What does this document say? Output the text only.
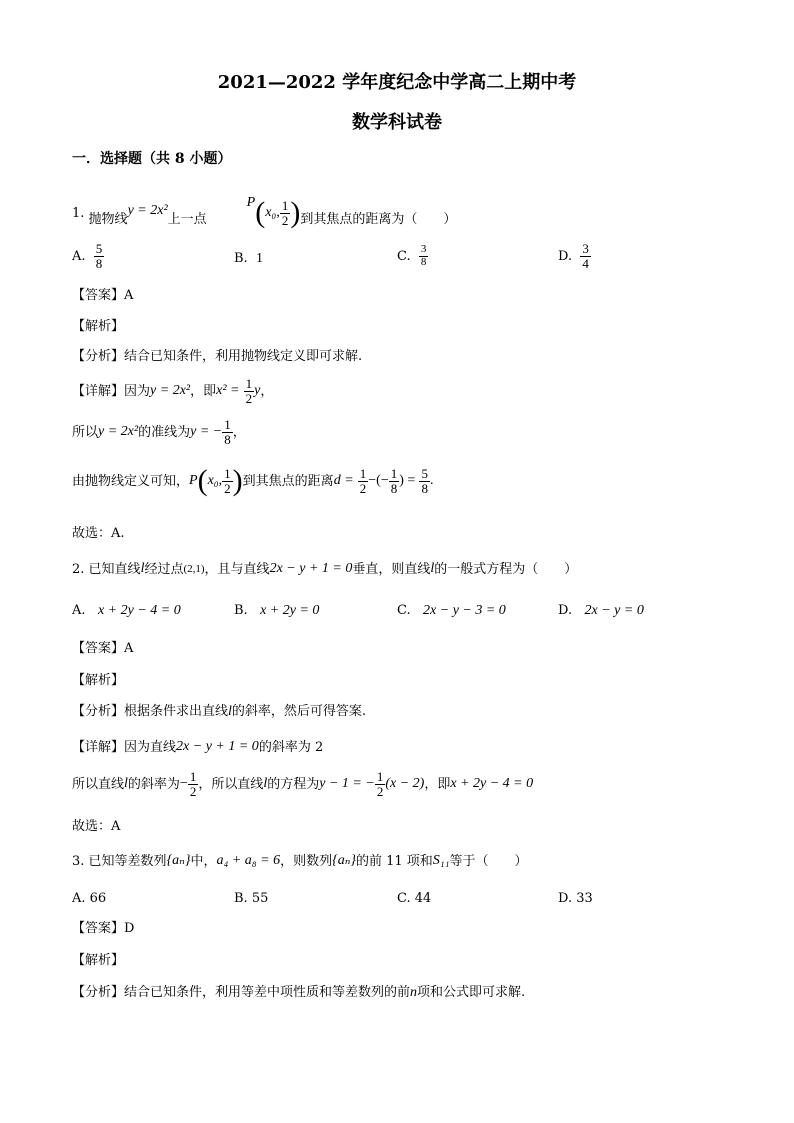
2021—2022 学年度纪念中学高二上期中考
数学科试卷
一．选择题（共 8 小题）
1.
抛物线
y = 2x²
上一点
P ( x₀ , $\frac{1}{2}$ ) 到其焦点的距离为（　　）
A.
$\frac{5}{8}$	B. 1	C.
$\frac{3}{8}$	D.
$\frac{3}{4}$
【答案】A
【解析】
【分析】结合已知条件，利用抛物线定义即可求解.
【详解】 因为 y = 2x² ，即 x² =
$\frac{1}{2}$ y ，
所以 y = 2x² 的准线为 y = − $\frac{1}{8}$ ，
由抛物线定义可知， P ( x₀ , $\frac{1}{2}$ ) 到其焦点的距离 d =
$\frac{1}{2}$ −(− $\frac{1}{8}$ ) =
$\frac{5}{8}$ .
故选：A.
2.
已知直线 l 经过点 (2,1) ，且与直线 2x − y + 1 = 0 垂直，则直线 l 的一般式方程为（　　）
A. x + 2y − 4 = 0	B. x + 2y = 0	C. 2x − y − 3 = 0	D. 2x − y = 0
【答案】A
【解析】
【分析】根据条件求出直线l的斜率，然后可得答案.
【详解】 因为直线 2x − y + 1 = 0 的斜率为 2
所以直线 l 的斜率为 − $\frac{1}{2}$ ，所以直线 l 的方程为 y − 1 = − $\frac{1}{2} (x - 2)$ ，即 x + 2y − 4 = 0
故选：A
3.
已知等差数列 {aₙ} 中， a₄ + a₈ = 6 ，则数列 {aₙ} 的前 11 项和 S₁₁ 等于（　　）
A. 66	B. 55	C. 44	D. 33
【答案】D
【解析】
【分析】结合已知条件，利用等差中项性质和等差数列的前n项和公式即可求解.
